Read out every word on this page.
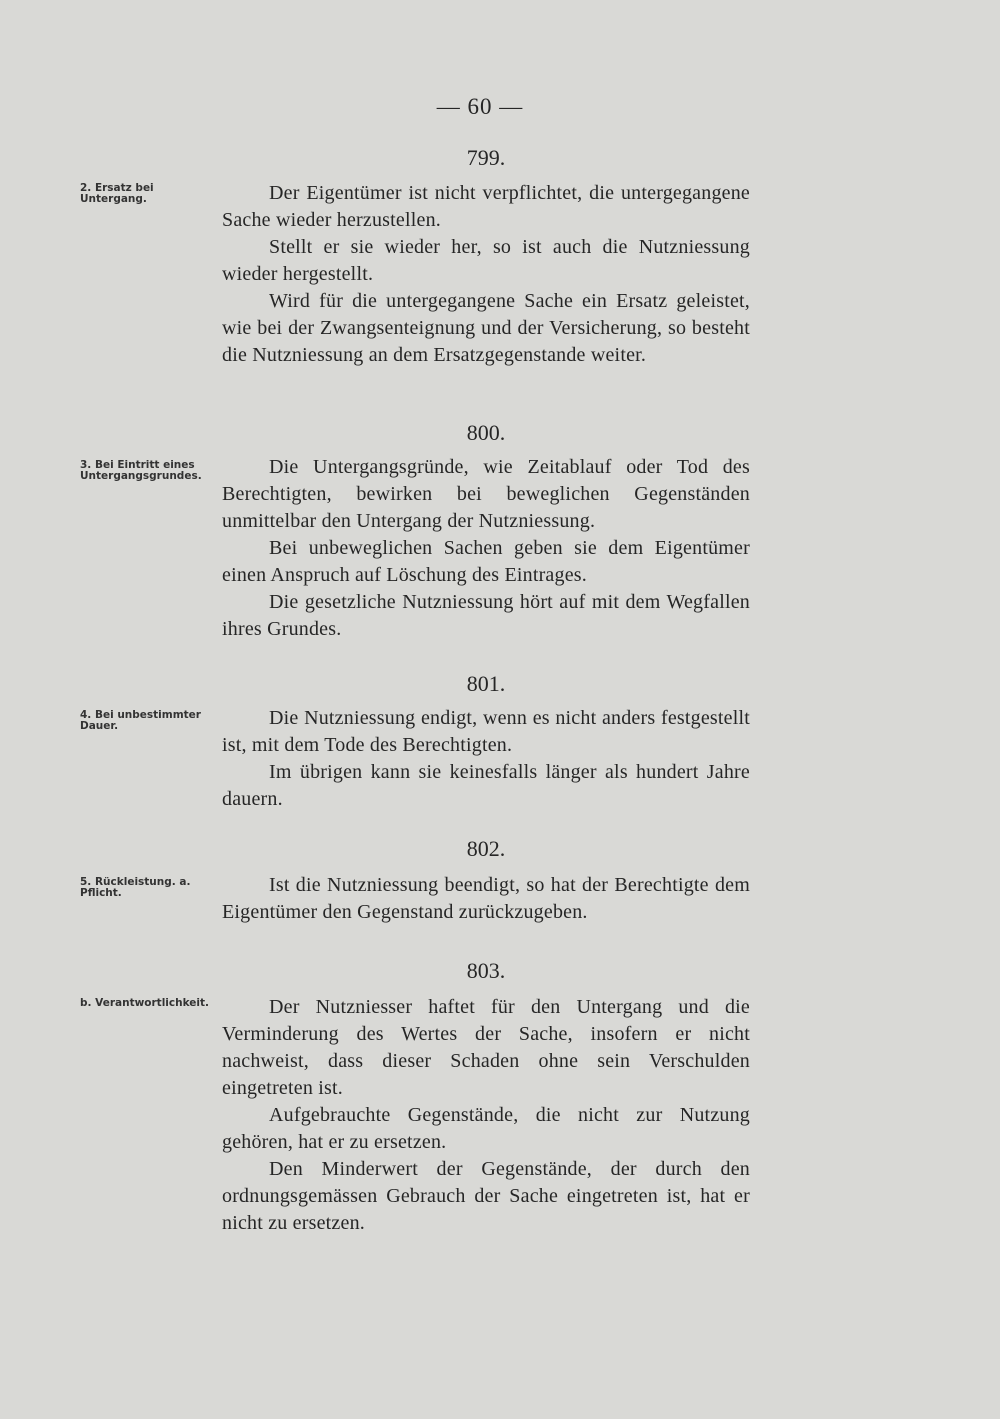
— 60 —
799.
2. Ersatz bei Untergang.	Der Eigentümer ist nicht verpflichtet, die untergegangene Sache wieder herzustellen.

Stellt er sie wieder her, so ist auch die Nutzniessung wieder hergestellt.

Wird für die untergegangene Sache ein Ersatz geleistet, wie bei der Zwangsenteignung und der Versicherung, so besteht die Nutzniessung an dem Ersatzgegenstande weiter.

800.
3. Bei Eintritt eines Untergangsgrundes.	Die Untergangsgründe, wie Zeitablauf oder Tod des Berechtigten, bewirken bei beweglichen Gegenständen unmittelbar den Untergang der Nutzniessung.

Bei unbeweglichen Sachen geben sie dem Eigentümer einen Anspruch auf Löschung des Eintrages.

Die gesetzliche Nutzniessung hört auf mit dem Wegfallen ihres Grundes.

801.
4. Bei unbestimmter Dauer.	Die Nutzniessung endigt, wenn es nicht anders festgestellt ist, mit dem Tode des Berechtigten.

Im übrigen kann sie keinesfalls länger als hundert Jahre dauern.

802.
5. Rückleistung. a. Pflicht.	Ist die Nutzniessung beendigt, so hat der Berechtigte dem Eigentümer den Gegenstand zurückzugeben.

803.
b. Verantwortlichkeit.	Der Nutzniesser haftet für den Untergang und die Verminderung des Wertes der Sache, insofern er nicht nachweist, dass dieser Schaden ohne sein Verschulden eingetreten ist.

Aufgebrauchte Gegenstände, die nicht zur Nutzung gehören, hat er zu ersetzen.

Den Minderwert der Gegenstände, der durch den ordnungsgemässen Gebrauch der Sache eingetreten ist, hat er nicht zu ersetzen.
